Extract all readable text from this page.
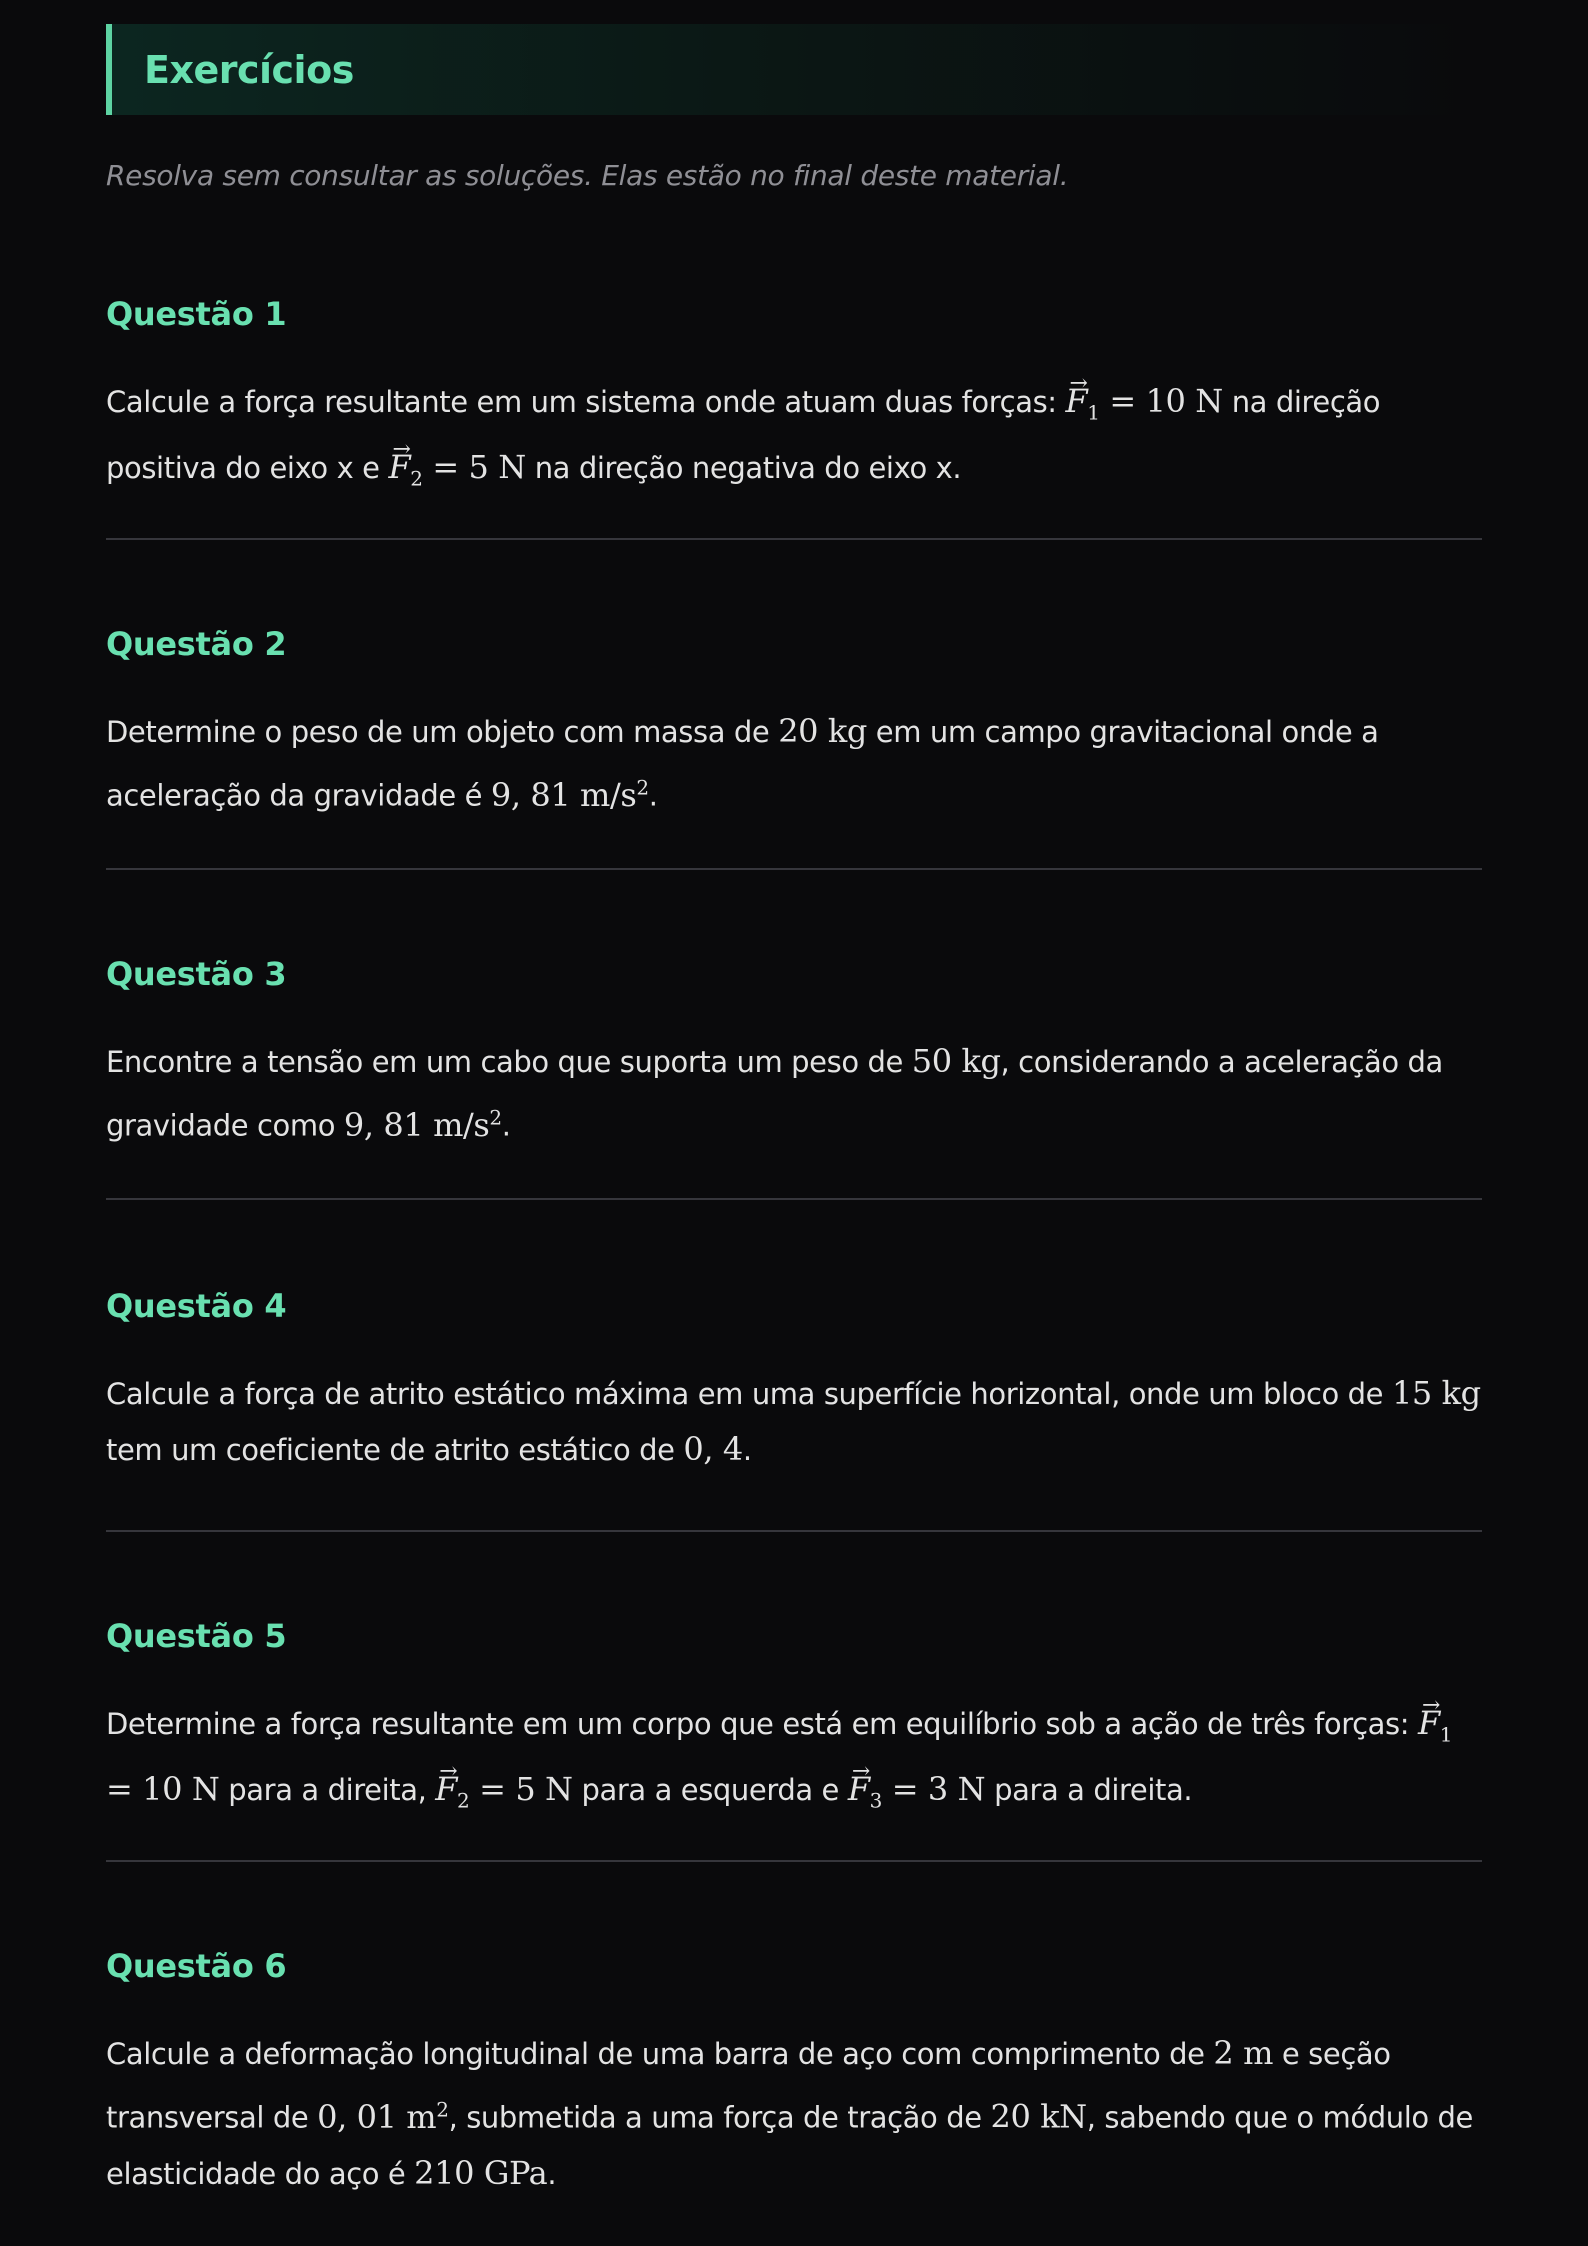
Exercícios
Resolva sem consultar as soluções. Elas estão no final deste material.
Questão 1
Calcule a força resultante em um sistema onde atuam duas forças: → $F_1 = 10$ N na direção positiva do eixo x $e \to F_2 = 5$ N na direção negativa do eixo x.
Questão 2
Determine o peso de um objeto com massa de 20 kg em um campo gravitacional onde a aceleração da gravidade é 9, 81 $m/s^2$.
Questão 3
Encontre a tensão em um cabo que suporta um peso de 50 kg, considerando a aceleração da gravidade como 9, 81 $m/s^2$.
Questão 4
Calcule a força de atrito estático máxima em uma superfície horizontal, onde um bloco de 15 kg tem um coeficiente de atrito estático de 0, 4.
Questão 5
Determine a força resultante em um corpo que está em equilíbrio sob a ação de três forças: → $F_1 = 10$ N para a direita, → $F_2 = 5$ N para a esquerda $e \to F_3 = 3$ N para a direita.
Questão 6
Calcule a deformação longitudinal de uma barra de aço com comprimento de 2 m e seção transversal de 0, 01 $m^2$, submetida a uma força de tração de 20 kN, sabendo que o módulo de elasticidade do aço é 210 GPa.
